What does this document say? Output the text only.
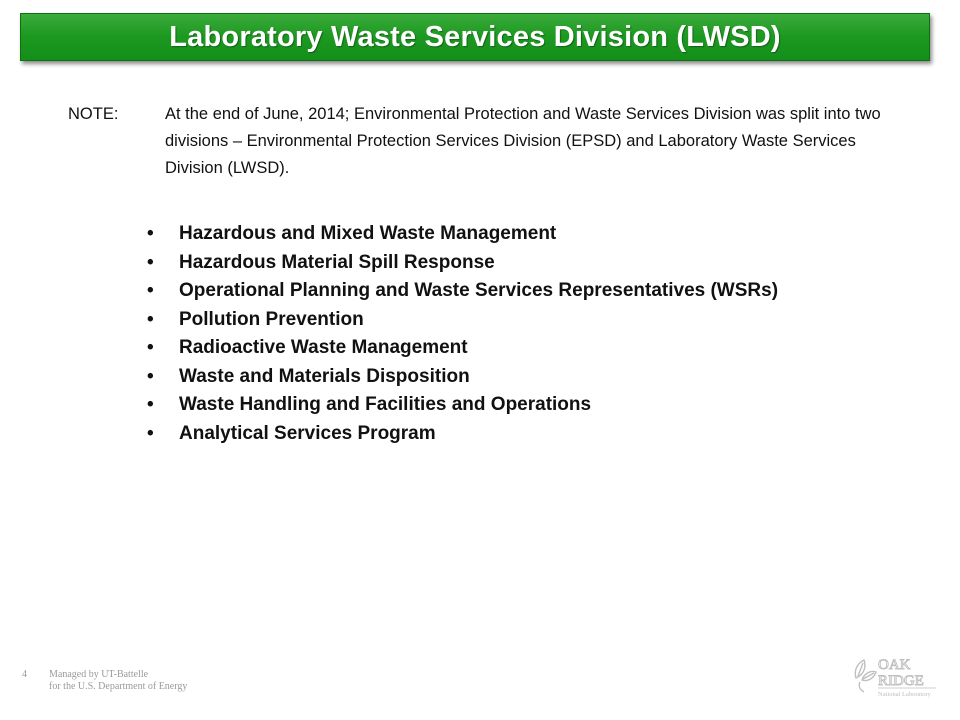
Laboratory Waste Services Division (LWSD)
NOTE:	At the end of June, 2014; Environmental Protection and Waste Services Division was split into two divisions – Environmental Protection Services Division (EPSD) and Laboratory Waste Services Division (LWSD).
• Hazardous and Mixed Waste Management
• Hazardous Material Spill Response
• Operational Planning and Waste Services Representatives (WSRs)
• Pollution Prevention
• Radioactive Waste Management
• Waste and Materials Disposition
• Waste Handling and Facilities and Operations
• Analytical Services Program
4 Managed by UT-Battelle
for the U.S. Department of Energy
OAK
RIDGE
National Laboratory
